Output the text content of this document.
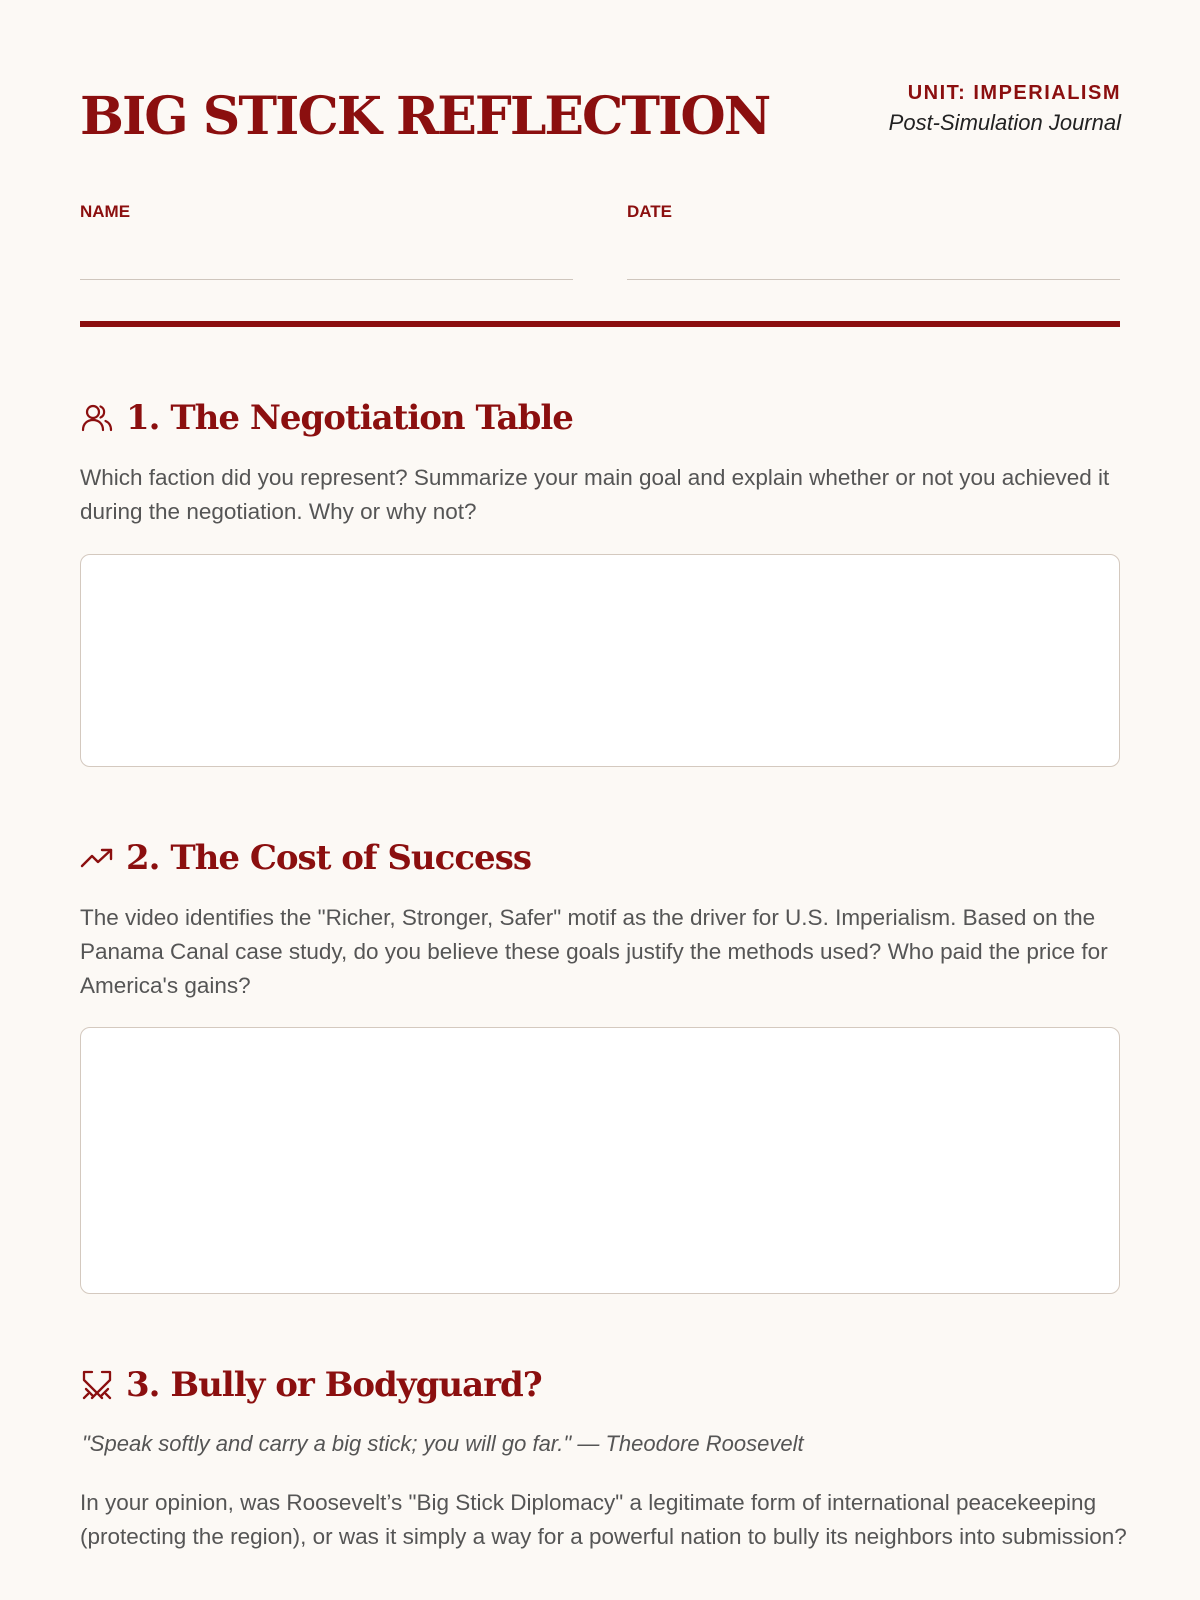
BIG STICK REFLECTION	UNIT: IMPERIALISM
Post-Simulation Journal
NAME	DATE
1. The Negotiation Table

Which faction did you represent? Summarize your main goal and explain whether or not you achieved it during the negotiation. Why or why not?

2. The Cost of Success

The video identifies the "Richer, Stronger, Safer" motif as the driver for U.S. Imperialism. Based on the Panama Canal case study, do you believe these goals justify the methods used? Who paid the price for America's gains?

3. Bully or Bodyguard?
"Speak softly and carry a big stick; you will go far." — Theodore Roosevelt

In your opinion, was Roosevelt’s "Big Stick Diplomacy" a legitimate form of international peacekeeping (protecting the region), or was it simply a way for a powerful nation to bully its neighbors into submission?
